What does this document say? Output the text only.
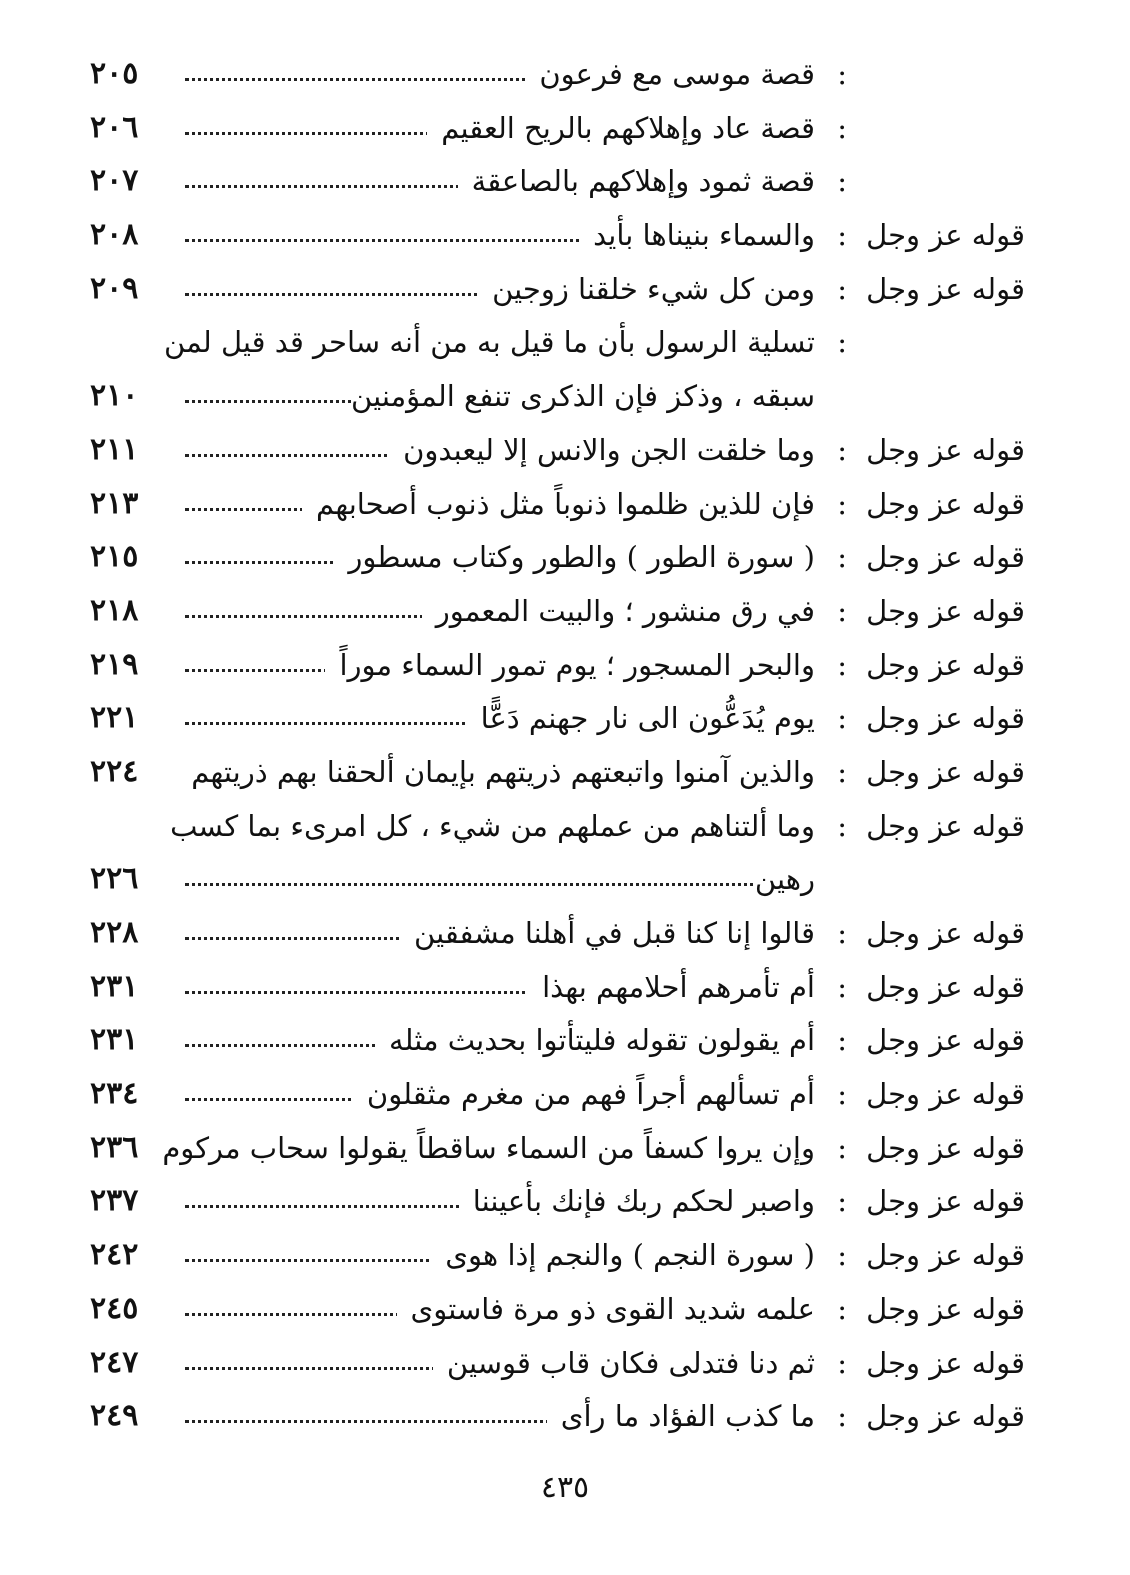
:
قصة موسى مع فرعون
٢٠٥
:
قصة عاد وإهلاكهم بالريح العقيم
٢٠٦
:
قصة ثمود وإهلاكهم بالصاعقة
٢٠٧
قوله عز وجل
:
والسماء بنيناها بأيد
٢٠٨
قوله عز وجل
:
ومن كل شيء خلقنا زوجين
٢٠٩
:
تسلية الرسول بأن ما قيل به من أنه ساحر قد قيل لمن
سبقه ، وذكز فإن الذكرى تنفع المؤمنين
٢١٠
قوله عز وجل
:
وما خلقت الجن والانس إلا ليعبدون
٢١١
قوله عز وجل
:
فإن للذين ظلموا ذنوباً مثل ذنوب أصحابهم
٢١٣
قوله عز وجل
:
( سورة الطور ) والطور وكتاب مسطور
٢١٥
قوله عز وجل
:
في رق منشور ؛ والبيت المعمور
٢١٨
قوله عز وجل
:
والبحر المسجور ؛ يوم تمور السماء موراً
٢١٩
قوله عز وجل
:
يوم يُدَعُّون الى نار جهنم دَعًّا
٢٢١
قوله عز وجل
:
والذين آمنوا واتبعتهم ذريتهم بإيمان ألحقنا بهم ذريتهم
٢٢٤
قوله عز وجل
:
وما ألتناهم من عملهم من شيء ، كل امرىء بما كسب
رهين
٢٢٦
قوله عز وجل
:
قالوا إنا كنا قبل في أهلنا مشفقين
٢٢٨
قوله عز وجل
:
أم تأمرهم أحلامهم بهذا
٢٣١
قوله عز وجل
:
أم يقولون تقوله فليتأتوا بحديث مثله
٢٣١
قوله عز وجل
:
أم تسألهم أجراً فهم من مغرم مثقلون
٢٣٤
قوله عز وجل
:
وإن يروا كسفاً من السماء ساقطاً يقولوا سحاب مركوم
٢٣٦
قوله عز وجل
:
واصبر لحكم ربك فإنك بأعيننا
٢٣٧
قوله عز وجل
:
( سورة النجم ) والنجم إذا هوى
٢٤٢
قوله عز وجل
:
علمه شديد القوى ذو مرة فاستوى
٢٤٥
قوله عز وجل
:
ثم دنا فتدلى فكان قاب قوسين
٢٤٧
قوله عز وجل
:
ما كذب الفؤاد ما رأى
٢٤٩
٤٣٥
